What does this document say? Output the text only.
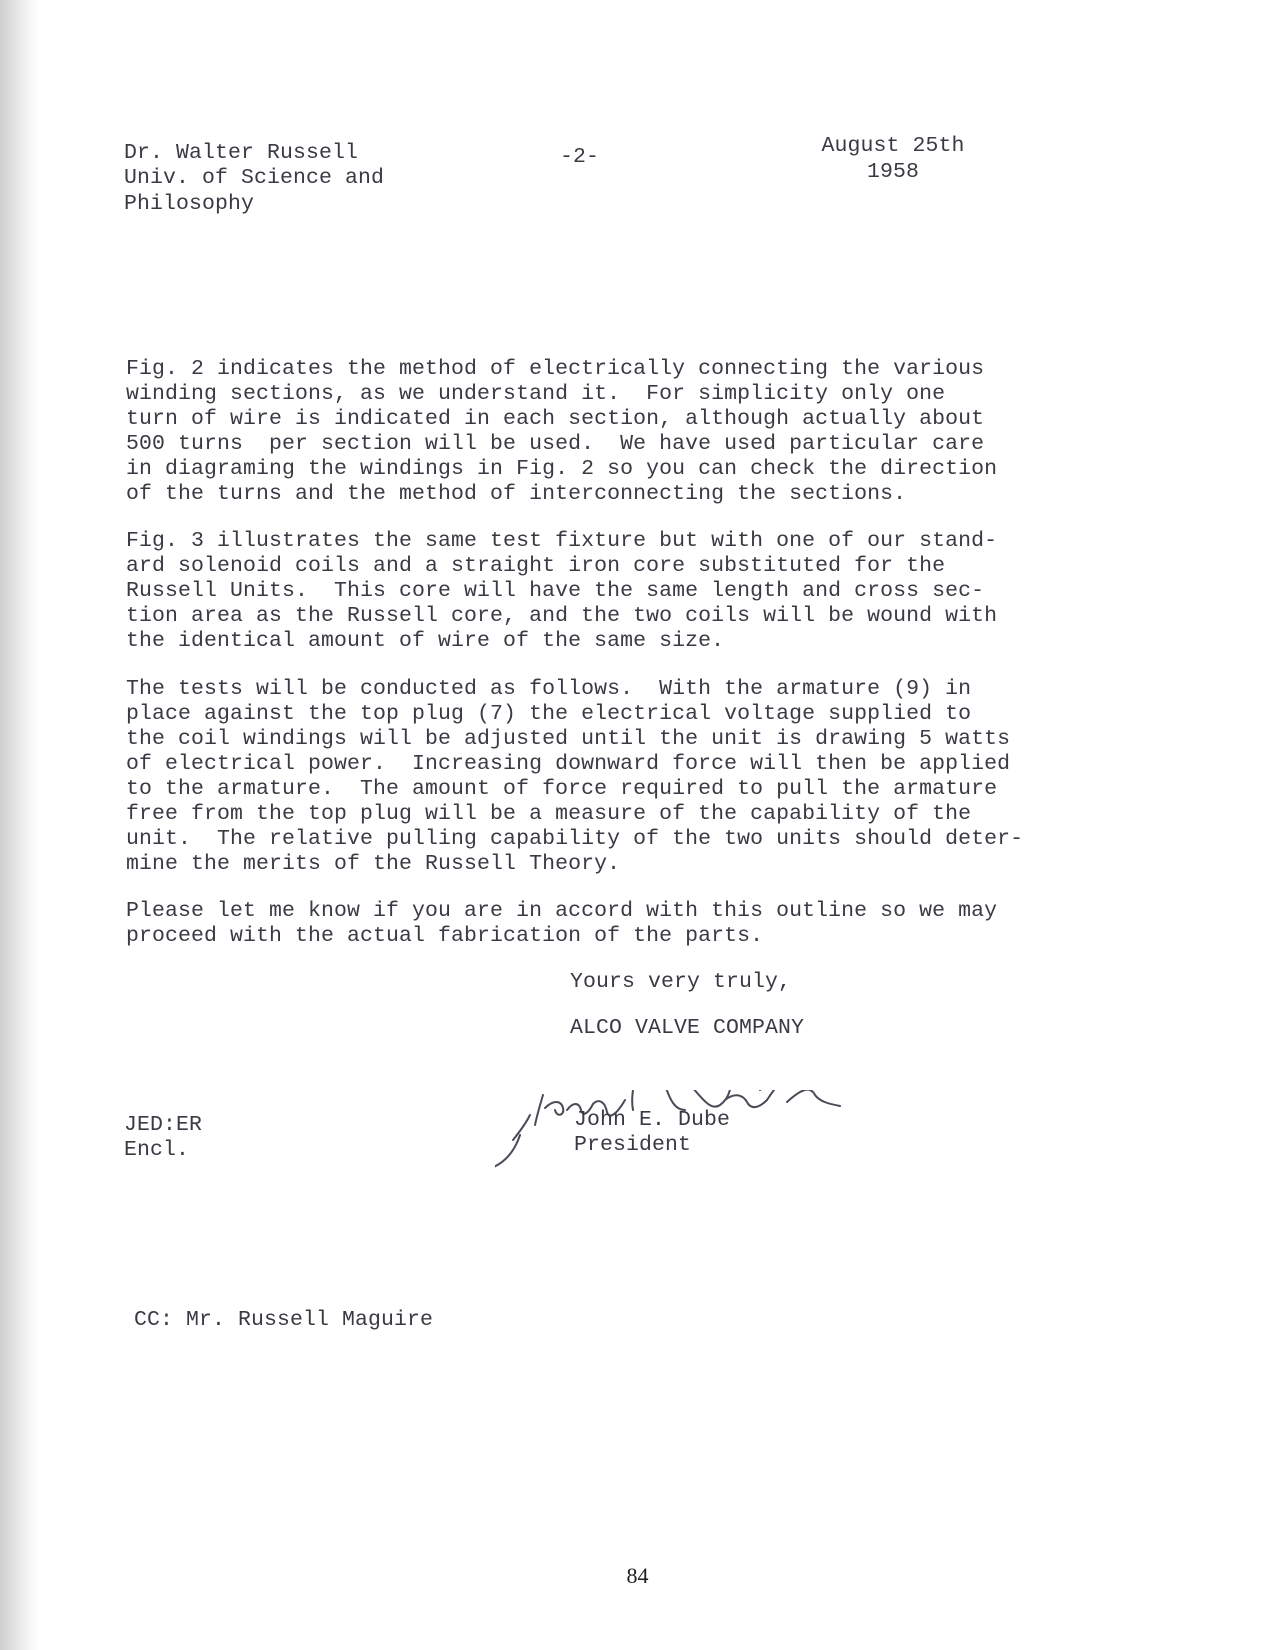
Dr. Walter Russell
Univ. of Science and
Philosophy
-2-	August 25th
1958
Fig. 2 indicates the method of electrically connecting the various
winding sections, as we understand it.  For simplicity only one
turn of wire is indicated in each section, although actually about
500 turns  per section will be used.  We have used particular care
in diagraming the windings in Fig. 2 so you can check the direction
of the turns and the method of interconnecting the sections.
Fig. 3 illustrates the same test fixture but with one of our stand-
ard solenoid coils and a straight iron core substituted for the
Russell Units.  This core will have the same length and cross sec-
tion area as the Russell core, and the two coils will be wound with
the identical amount of wire of the same size.
The tests will be conducted as follows.  With the armature (9) in
place against the top plug (7) the electrical voltage supplied to
the coil windings will be adjusted until the unit is drawing 5 watts
of electrical power.  Increasing downward force will then be applied
to the armature.  The amount of force required to pull the armature
free from the top plug will be a measure of the capability of the
unit.  The relative pulling capability of the two units should deter-
mine the merits of the Russell Theory.
Please let me know if you are in accord with this outline so we may
proceed with the actual fabrication of the parts.
Yours very truly,
ALCO VALVE COMPANY
John E. Dube
President
JED:ER
Encl.
CC: Mr. Russell Maguire
84
